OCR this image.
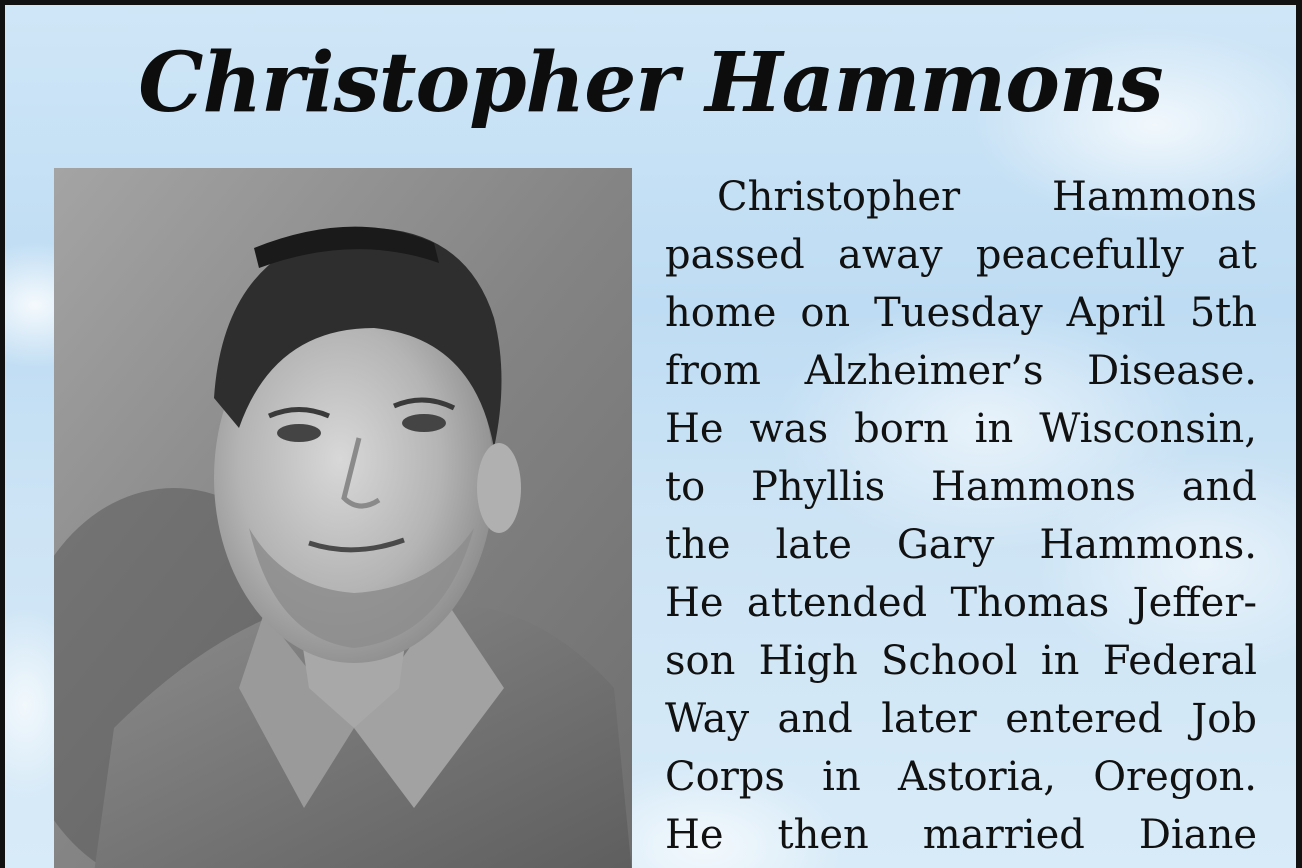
Christopher Hammons
Christopher Hammons
passed away peacefully at
home on Tuesday April 5th
from Alzheimer’s Disease.
He was born in Wisconsin,
to Phyllis Hammons and
the late Gary Hammons.
He attended Thomas Jeffer-
son High School in Federal
Way and later entered Job
Corps in Astoria, Oregon.
He then married Diane
